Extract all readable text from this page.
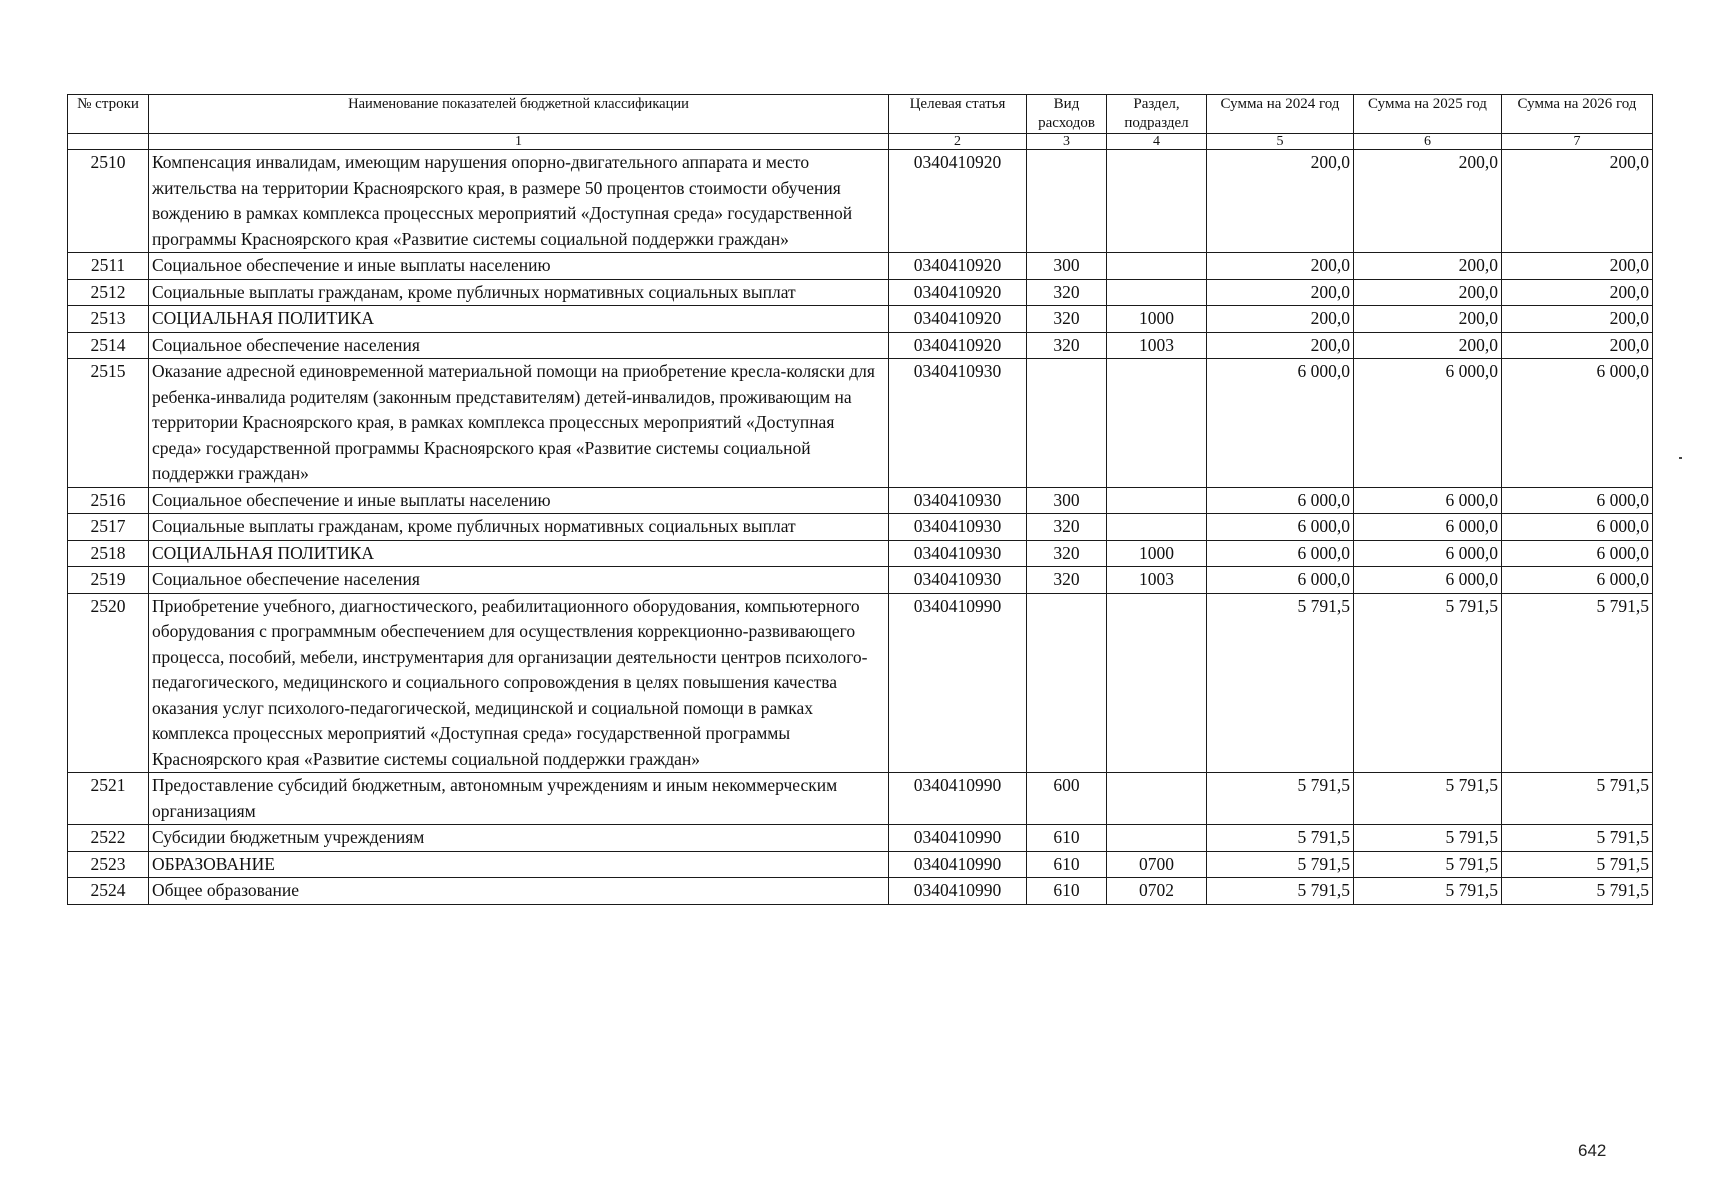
№ строки	Наименование показателей бюджетной классификации	Целевая статья	Вид расходов	Раздел, подраздел	Сумма на 2024 год	Сумма на 2025 год	Сумма на 2026 год
	1	2	3	4	5	6	7
2510	Компенсация инвалидам, имеющим нарушения опорно-двигательного аппарата и место жительства на территории Красноярского края, в размере 50 процентов стоимости обучения вождению в рамках комплекса процессных мероприятий «Доступная среда» государственной программы Красноярского края «Развитие системы социальной поддержки граждан»	0340410920			200,0	200,0	200,0
2511	Социальное обеспечение и иные выплаты населению	0340410920	300		200,0	200,0	200,0
2512	Социальные выплаты гражданам, кроме публичных нормативных социальных выплат	0340410920	320		200,0	200,0	200,0
2513	СОЦИАЛЬНАЯ ПОЛИТИКА	0340410920	320	1000	200,0	200,0	200,0
2514	Социальное обеспечение населения	0340410920	320	1003	200,0	200,0	200,0
2515	Оказание адресной единовременной материальной помощи на приобретение кресла-коляски для ребенка-инвалида родителям (законным представителям) детей-инвалидов, проживающим на территории Красноярского края, в рамках комплекса процессных мероприятий «Доступная среда» государственной программы Красноярского края «Развитие системы социальной поддержки граждан»	0340410930			6 000,0	6 000,0	6 000,0
2516	Социальное обеспечение и иные выплаты населению	0340410930	300		6 000,0	6 000,0	6 000,0
2517	Социальные выплаты гражданам, кроме публичных нормативных социальных выплат	0340410930	320		6 000,0	6 000,0	6 000,0
2518	СОЦИАЛЬНАЯ ПОЛИТИКА	0340410930	320	1000	6 000,0	6 000,0	6 000,0
2519	Социальное обеспечение населения	0340410930	320	1003	6 000,0	6 000,0	6 000,0
2520	Приобретение учебного, диагностического, реабилитационного оборудования, компьютерного оборудования с программным обеспечением для осуществления коррекционно-развивающего процесса, пособий, мебели, инструментария для организации деятельности центров психолого-педагогического, медицинского и социального сопровождения в целях повышения качества оказания услуг психолого-педагогической, медицинской и социальной помощи в рамках комплекса процессных мероприятий «Доступная среда» государственной программы Красноярского края «Развитие системы социальной поддержки граждан»	0340410990			5 791,5	5 791,5	5 791,5
2521	Предоставление субсидий бюджетным, автономным учреждениям и иным некоммерческим организациям	0340410990	600		5 791,5	5 791,5	5 791,5
2522	Субсидии бюджетным учреждениям	0340410990	610		5 791,5	5 791,5	5 791,5
2523	ОБРАЗОВАНИЕ	0340410990	610	0700	5 791,5	5 791,5	5 791,5
2524	Общее образование	0340410990	610	0702	5 791,5	5 791,5	5 791,5
642
